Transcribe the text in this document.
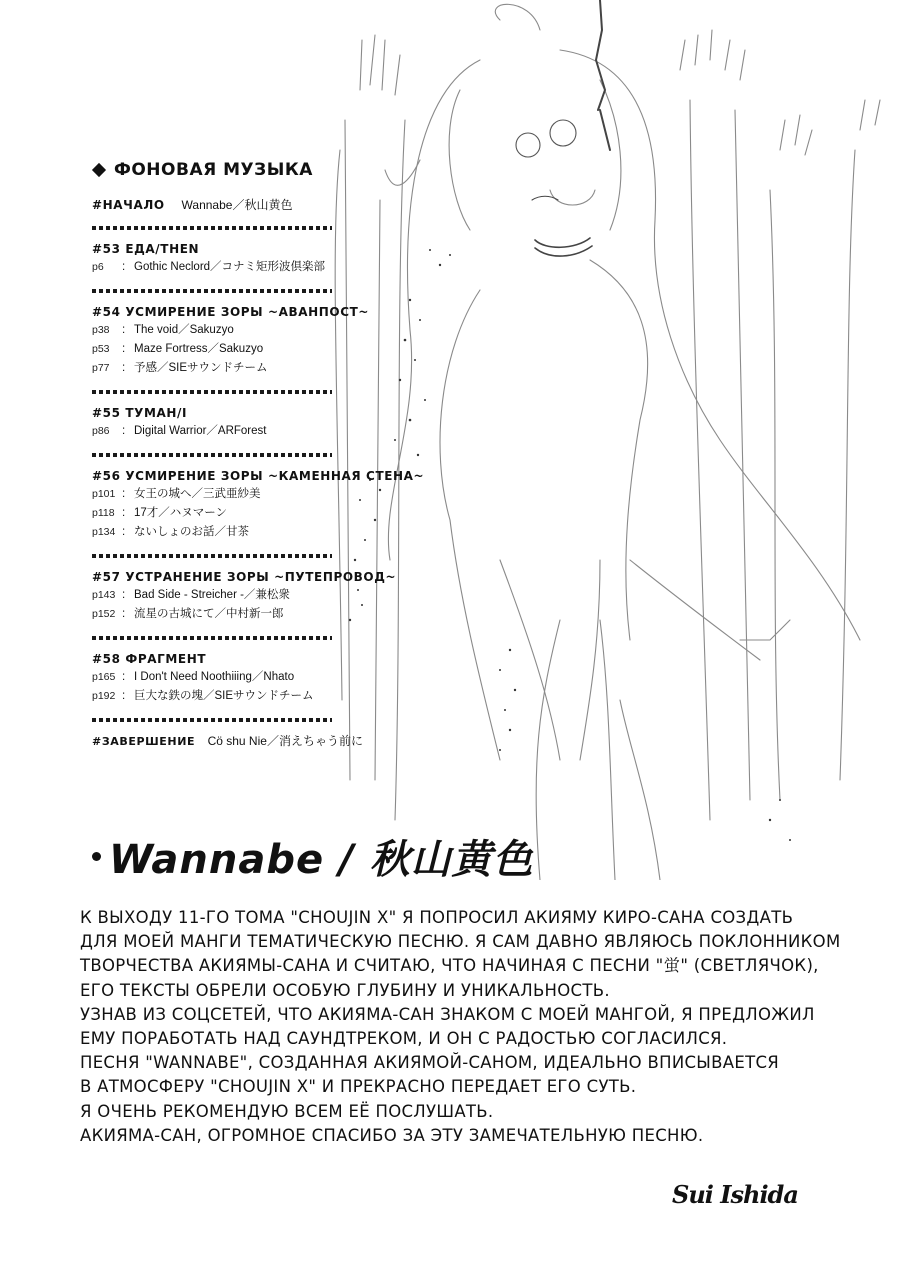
ФОНОВАЯ МУЗЫКА
#НАЧАЛО Wannabe／秋山黄色
#53 ЕДА/THEN
p6	: Gothic Neclord／コナミ矩形波倶楽部
#54 УСМИРЕНИЕ ЗОРЫ ~АВАНПОСТ~
p38	: The void／Sakuzyo
p53	: Maze Fortress／Sakuzyo
p77	: 予感／SIEサウンドチーム
#55 ТУМАН/I
p86	: Digital Warrior／ARForest
#56 УСМИРЕНИЕ ЗОРЫ ~КАМЕННАЯ СТЕНА~
p101 : 女王の城へ／三武亜紗美
p118 : 17才／ハヌマーン
p134 : ないしょのお話／甘茶
#57 УСТРАНЕНИЕ ЗОРЫ ~ПУТЕПРОВОД~
p143 : Bad Side - Streicher -／兼松衆
p152 : 流星の古城にて／中村新一郎
#58 ФРАГМЕНТ
p165 : I Don't Need Noothiiing／Nhato
p192 : 巨大な鉄の塊／SIEサウンドチーム
#ЗАВЕРШЕНИЕ Cö shu Nie／消えちゃう前に
Wannabe / 秋山黄色

К ВЫХОДУ 11-ГО ТОМА "CHOUJIN X" Я ПОПРОСИЛ АКИЯМУ КИРО-САНА СОЗДАТЬ

ДЛЯ МОЕЙ МАНГИ ТЕМАТИЧЕСКУЮ ПЕСНЮ. Я САМ ДАВНО ЯВЛЯЮСЬ ПОКЛОННИКОМ

ТВОРЧЕСТВА АКИЯМЫ-САНА И СЧИТАЮ, ЧТО НАЧИНАЯ С ПЕСНИ "蛍" (СВЕТЛЯЧОК),

ЕГО ТЕКСТЫ ОБРЕЛИ ОСОБУЮ ГЛУБИНУ И УНИКАЛЬНОСТЬ.

УЗНАВ ИЗ СОЦСЕТЕЙ, ЧТО АКИЯМА-САН ЗНАКОМ С МОЕЙ МАНГОЙ, Я ПРЕДЛОЖИЛ

ЕМУ ПОРАБОТАТЬ НАД САУНДТРЕКОМ, И ОН С РАДОСТЬЮ СОГЛАСИЛСЯ.

ПЕСНЯ "WANNABE", СОЗДАННАЯ АКИЯМОЙ-САНОМ, ИДЕАЛЬНО ВПИСЫВАЕТСЯ

В АТМОСФЕРУ "CHOUJIN X" И ПРЕКРАСНО ПЕРЕДАЕТ ЕГО СУТЬ.

Я ОЧЕНЬ РЕКОМЕНДУЮ ВСЕМ ЕЁ ПОСЛУШАТЬ.

АКИЯМА-САН, ОГРОМНОЕ СПАСИБО ЗА ЭТУ ЗАМЕЧАТЕЛЬНУЮ ПЕСНЮ.

Sui Ishida
